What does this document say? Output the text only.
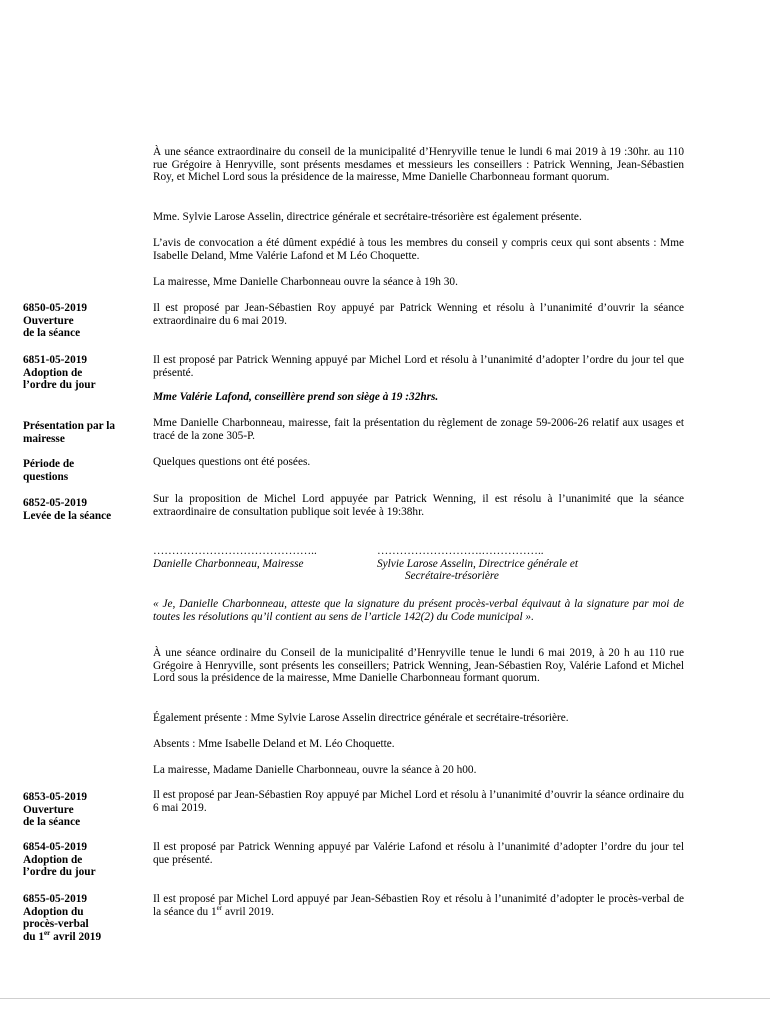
À une séance extraordinaire du conseil de la municipalité d’Henryville tenue le lundi 6 mai 2019 à 19 :30hr. au 110 rue Grégoire à Henryville, sont présents mesdames et messieurs les conseillers : Patrick Wenning, Jean-Sébastien Roy, et Michel Lord sous la présidence de la mairesse, Mme Danielle Charbonneau formant quorum.
Mme. Sylvie Larose Asselin, directrice générale et secrétaire-trésorière est également présente.
L’avis de convocation a été dûment expédié à tous les membres du conseil y compris ceux qui sont absents : Mme Isabelle Deland, Mme Valérie Lafond et M Léo Choquette.
La mairesse, Mme Danielle Charbonneau ouvre la séance à 19h 30.
6850-05-2019
Ouverture
de la séance
Il est proposé par Jean-Sébastien Roy appuyé par Patrick Wenning et résolu à l’unanimité d’ouvrir la séance extraordinaire du 6 mai 2019.
6851-05-2019
Adoption de
l’ordre du jour
Il est proposé par Patrick Wenning appuyé par Michel Lord et résolu à l’unanimité d’adopter l’ordre du jour tel que présenté.
Mme Valérie Lafond, conseillère prend son siège à 19 :32hrs.
Présentation par la
mairesse
Mme Danielle Charbonneau, mairesse, fait la présentation du règlement de zonage 59-2006-26 relatif aux usages et tracé de la zone 305-P.
Période de
questions
Quelques questions ont été posées.
6852-05-2019
Levée de la séance
Sur la proposition de Michel Lord appuyée par Patrick Wenning, il est résolu à l’unanimité que la séance extraordinaire de consultation publique soit levée à 19:38hr.
……………………………………..
Danielle Charbonneau, Mairesse
……………………….……………..
Sylvie Larose Asselin, Directrice générale et
Secrétaire-trésorière
« Je, Danielle Charbonneau, atteste que la signature du présent procès-verbal équivaut à la signature par moi de toutes les résolutions qu’il contient au sens de l’article 142(2) du Code municipal ».
À une séance ordinaire du Conseil de la municipalité d’Henryville tenue le lundi 6 mai 2019, à 20 h au 110 rue Grégoire à Henryville, sont présents les conseillers; Patrick Wenning, Jean-Sébastien Roy, Valérie Lafond et Michel Lord sous la présidence de la mairesse, Mme Danielle Charbonneau formant quorum.
Également présente : Mme Sylvie Larose Asselin directrice générale et secrétaire-trésorière.
Absents : Mme Isabelle Deland et M. Léo Choquette.
La mairesse, Madame Danielle Charbonneau, ouvre la séance à 20 h00.
6853-05-2019
Ouverture
de la séance
Il est proposé par Jean-Sébastien Roy appuyé par Michel Lord et résolu à l’unanimité d’ouvrir la séance ordinaire du 6 mai 2019.
6854-05-2019
Adoption de
l’ordre du jour
Il est proposé par Patrick Wenning appuyé par Valérie Lafond et résolu à l’unanimité d’adopter l’ordre du jour tel que présenté.
6855-05-2019
Adoption du
procès-verbal
du 1er avril 2019
Il est proposé par Michel Lord appuyé par Jean-Sébastien Roy et résolu à l’unanimité d’adopter le procès-verbal de la séance du 1er avril 2019.
